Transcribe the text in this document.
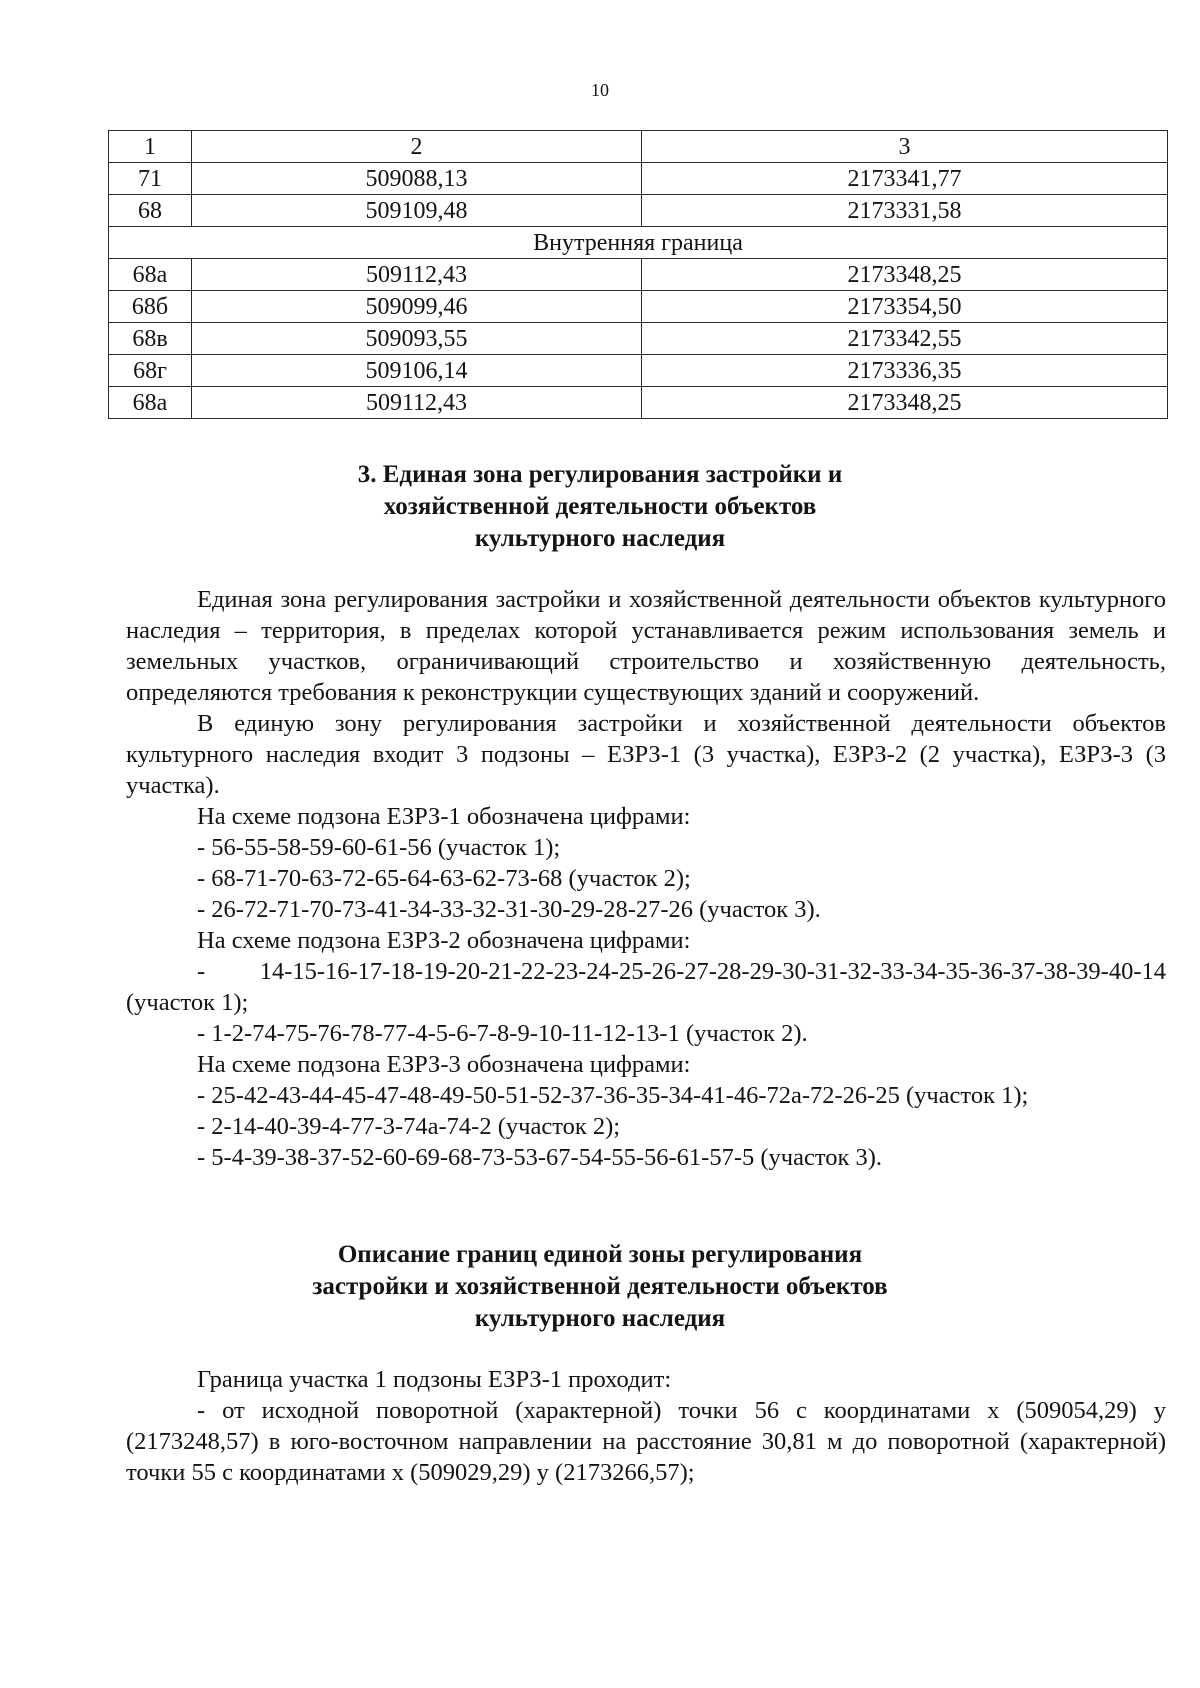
10
1	2	3
71	509088,13	2173341,77
68	509109,48	2173331,58
Внутренняя граница		
68а	509112,43	2173348,25
68б	509099,46	2173354,50
68в	509093,55	2173342,55
68г	509106,14	2173336,35
68а	509112,43	2173348,25
3. Единая зона регулирования застройки и
хозяйственной деятельности объектов
культурного наследия

Единая зона регулирования застройки и хозяйственной деятельности объектов культурного наследия – территория, в пределах которой устанавливается режим использования земель и земельных участков, ограничивающий строительство и хозяйственную деятельность, определяются требования к реконструкции существующих зданий и сооружений.

В единую зону регулирования застройки и хозяйственной деятельности объектов культурного наследия входит 3 подзоны – ЕЗРЗ-1 (3 участка), ЕЗРЗ-2 (2 участка), ЕЗРЗ-3 (3 участка).

На схеме подзона ЕЗРЗ-1 обозначена цифрами:

- 56-55-58-59-60-61-56 (участок 1);

- 68-71-70-63-72-65-64-63-62-73-68 (участок 2);

- 26-72-71-70-73-41-34-33-32-31-30-29-28-27-26 (участок 3).

На схеме подзона ЕЗРЗ-2 обозначена цифрами:

- 14-15-16-17-18-19-20-21-22-23-24-25-26-27-28-29-30-31-32-33-34-35-36-37-38-39-40-14 (участок 1);

- 1-2-74-75-76-78-77-4-5-6-7-8-9-10-11-12-13-1 (участок 2).

На схеме подзона ЕЗРЗ-3 обозначена цифрами:

- 25-42-43-44-45-47-48-49-50-51-52-37-36-35-34-41-46-72а-72-26-25 (участок 1);

- 2-14-40-39-4-77-3-74а-74-2 (участок 2);

- 5-4-39-38-37-52-60-69-68-73-53-67-54-55-56-61-57-5 (участок 3).

Описание границ единой зоны регулирования
застройки и хозяйственной деятельности объектов
культурного наследия

Граница участка 1 подзоны ЕЗРЗ-1 проходит:

- от исходной поворотной (характерной) точки 56 с координатами х (509054,29) у (2173248,57) в юго-восточном направлении на расстояние 30,81 м до поворотной (характерной) точки 55 с координатами х (509029,29) у (2173266,57);
